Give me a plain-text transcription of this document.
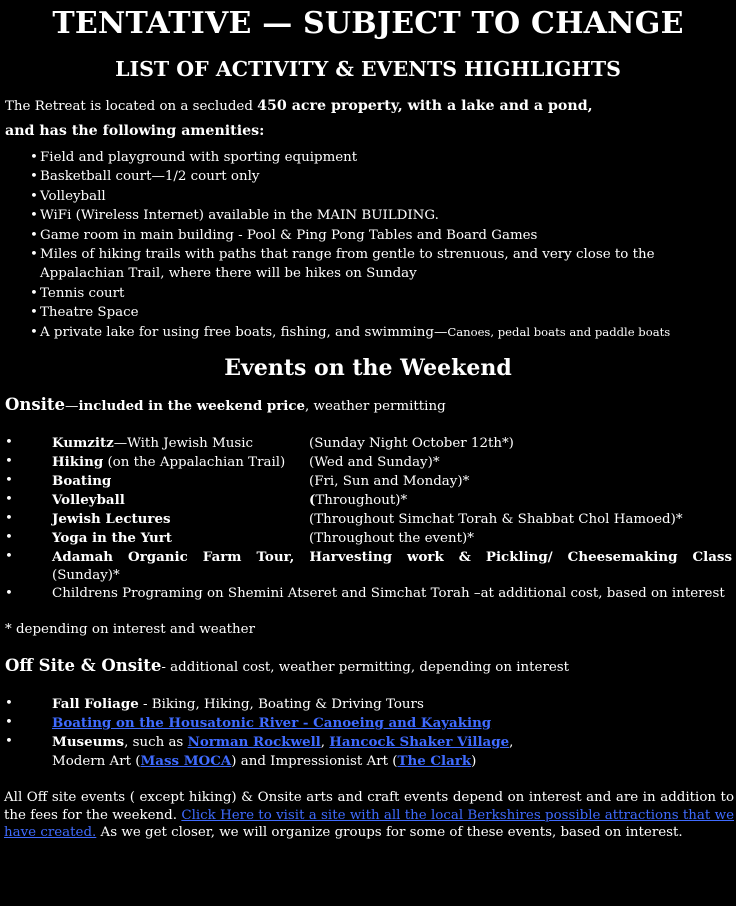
TENTATIVE — SUBJECT TO CHANGE
LIST OF ACTIVITY & EVENTS HIGHLIGHTS
The Retreat is located on a secluded 450 acre property, with a lake and a pond,
and has the following amenities:
• Field and playground with sporting equipment
• Basketball court—1/2 court only
• Volleyball
• WiFi (Wireless Internet) available in the MAIN BUILDING.
• Game room in main building - Pool & Ping Pong Tables and Board Games
• Miles of hiking trails with paths that range from gentle to strenuous, and very close to the Appalachian Trail, where there will be hikes on Sunday
• Tennis court
• Theatre Space
• A private lake for using free boats, fishing, and swimming—Canoes, pedal boats and paddle boats
Events on the Weekend
Onsite—included in the weekend price, weather permitting
•	Kumzitz—With Jewish Music	(Sunday Night October 12th*)
•	Hiking (on the Appalachian Trail) (Wed and Sunday)*
•	Boating	(Fri, Sun and Monday)*
•	Volleyball	(Throughout)*
•	Jewish Lectures	(Throughout Simchat Torah & Shabbat Chol Hamoed)*
•	Yoga in the Yurt	(Throughout the event)*
•	Adamah Organic Farm Tour, Harvesting work & Pickling/ Cheesemaking Class
(Sunday)*
•	Childrens Programing on Shemini Atseret and Simchat Torah –at additional cost, based on interest
* depending on interest and weather
Off Site & Onsite- additional cost, weather permitting, depending on interest
•	Fall Foliage - Biking, Hiking, Boating & Driving Tours
•	Boating on the Housatonic River - Canoeing and Kayaking
•	Museums, such as Norman Rockwell, Hancock Shaker Village,
Modern Art (Mass MOCA) and Impressionist Art (The Clark)
All Off site events ( except hiking) & Onsite arts and craft events depend on interest and are in addition to the fees for the weekend. Click Here to visit a site with all the local Berkshires possible attractions that we have created. As we get closer, we will organize groups for some of these events, based on interest.
